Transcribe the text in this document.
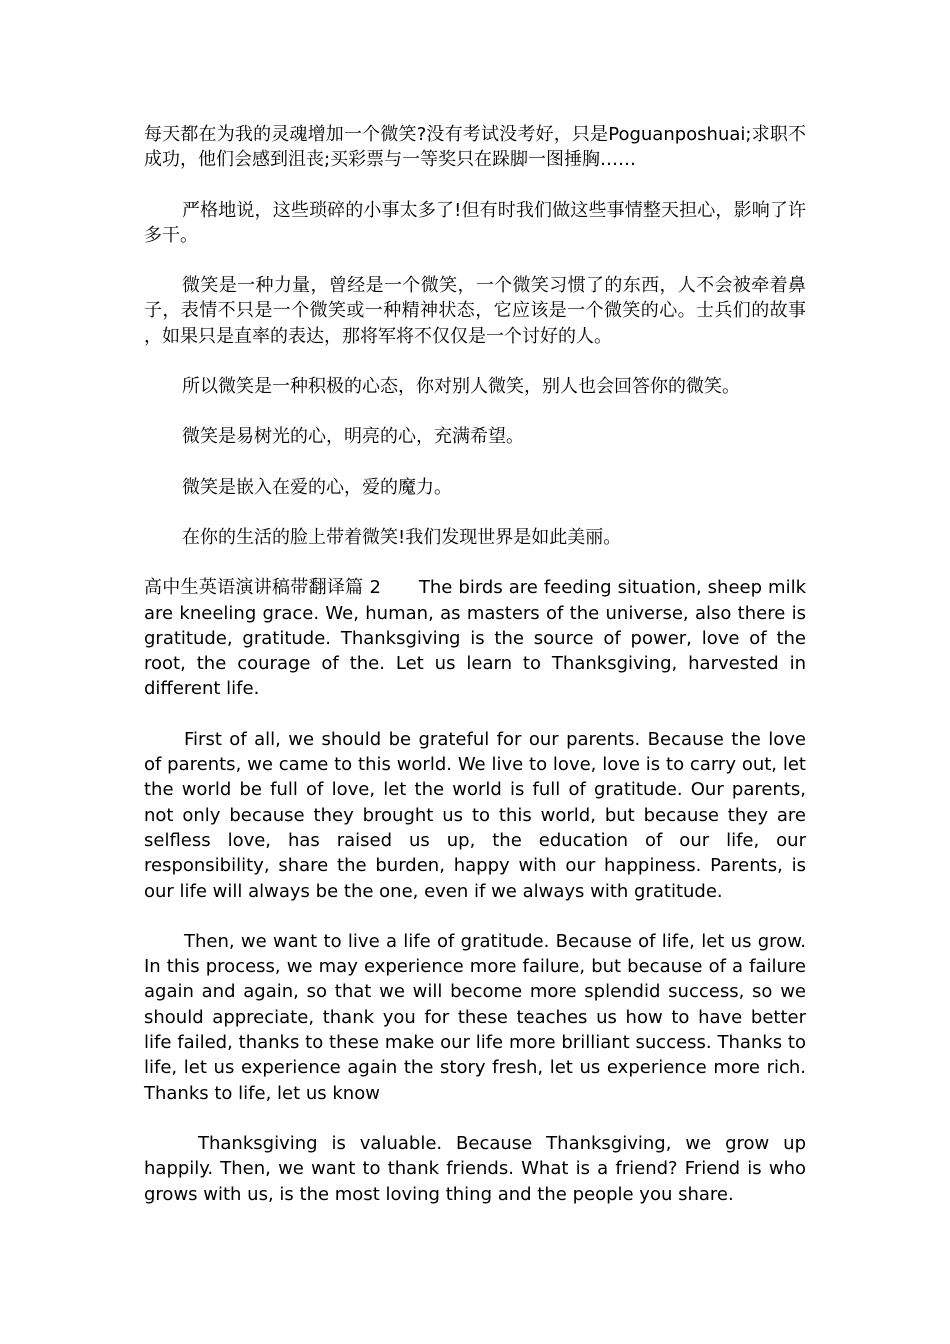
每天都在为我的灵魂增加一个微笑?没有考试没考好，只是Poguanposhuai;求职不成功，他们会感到沮丧;买彩票与一等奖只在跺脚一图捶胸……

严格地说，这些琐碎的小事太多了!但有时我们做这些事情整天担心，影响了许多干。

微笑是一种力量，曾经是一个微笑，一个微笑习惯了的东西，人不会被牵着鼻子，表情不只是一个微笑或一种精神状态，它应该是一个微笑的心。士兵们的故事，如果只是直率的表达，那将军将不仅仅是一个讨好的人。

所以微笑是一种积极的心态，你对别人微笑，别人也会回答你的微笑。

微笑是易树光的心，明亮的心，充满希望。

微笑是嵌入在爱的心，爱的魔力。

在你的生活的脸上带着微笑!我们发现世界是如此美丽。

高中生英语演讲稿带翻译篇 2 The birds are feeding situation, sheep milk are kneeling grace. We, human, as masters of the universe, also there is gratitude, gratitude. Thanksgiving is the source of power, love of the root, the courage of the. Let us learn to Thanksgiving, harvested in different life.

First of all, we should be grateful for our parents. Because the love of parents, we came to this world. We live to love, love is to carry out, let the world be full of love, let the world is full of gratitude. Our parents, not only because they brought us to this world, but because they are selfless love, has raised us up, the education of our life, our responsibility, share the burden, happy with our happiness. Parents, is our life will always be the one, even if we always with gratitude.

Then, we want to live a life of gratitude. Because of life, let us grow. In this process, we may experience more failure, but because of a failure again and again, so that we will become more splendid success, so we should appreciate, thank you for these teaches us how to have better life failed, thanks to these make our life more brilliant success. Thanks to life, let us experience again the story fresh, let us experience more rich. Thanks to life, let us know

Thanksgiving is valuable. Because Thanksgiving, we grow up happily. Then, we want to thank friends. What is a friend? Friend is who grows with us, is the most loving thing and the people you share.
